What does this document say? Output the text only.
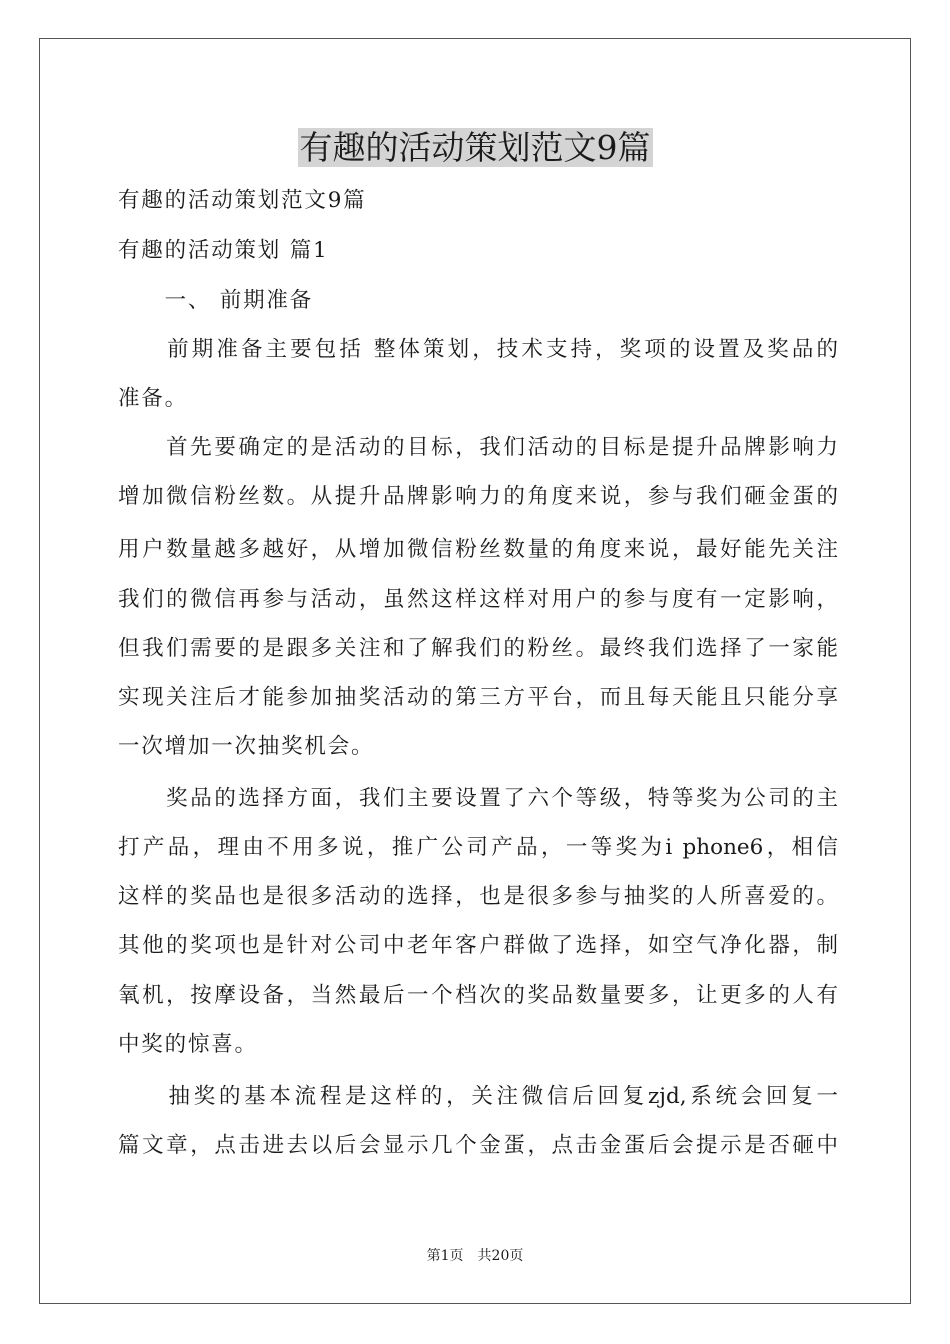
有趣的活动策划范文9篇
有趣的活动策划范文9篇
有趣的活动策划 篇1
　　一、 前期准备
　　前期准备主要包括 整体策划，技术支持，奖项的设置及奖品的
准备。
　　首先要确定的是活动的目标，我们活动的目标是提升品牌影响力
增加微信粉丝数。从提升品牌影响力的角度来说，参与我们砸金蛋的
用户数量越多越好，从增加微信粉丝数量的角度来说，最好能先关注
我们的微信再参与活动，虽然这样这样对用户的参与度有一定影响，
但我们需要的是跟多关注和了解我们的粉丝。最终我们选择了一家能
实现关注后才能参加抽奖活动的第三方平台，而且每天能且只能分享
一次增加一次抽奖机会。
　　奖品的选择方面，我们主要设置了六个等级，特等奖为公司的主
打产品，理由不用多说，推广公司产品，一等奖为i phone6，相信
这样的奖品也是很多活动的选择，也是很多参与抽奖的人所喜爱的。
其他的奖项也是针对公司中老年客户群做了选择，如空气净化器，制
氧机，按摩设备，当然最后一个档次的奖品数量要多，让更多的人有
中奖的惊喜。
　　抽奖的基本流程是这样的，关注微信后回复zjd,系统会回复一
篇文章，点击进去以后会显示几个金蛋，点击金蛋后会提示是否砸中
第1页　共20页
